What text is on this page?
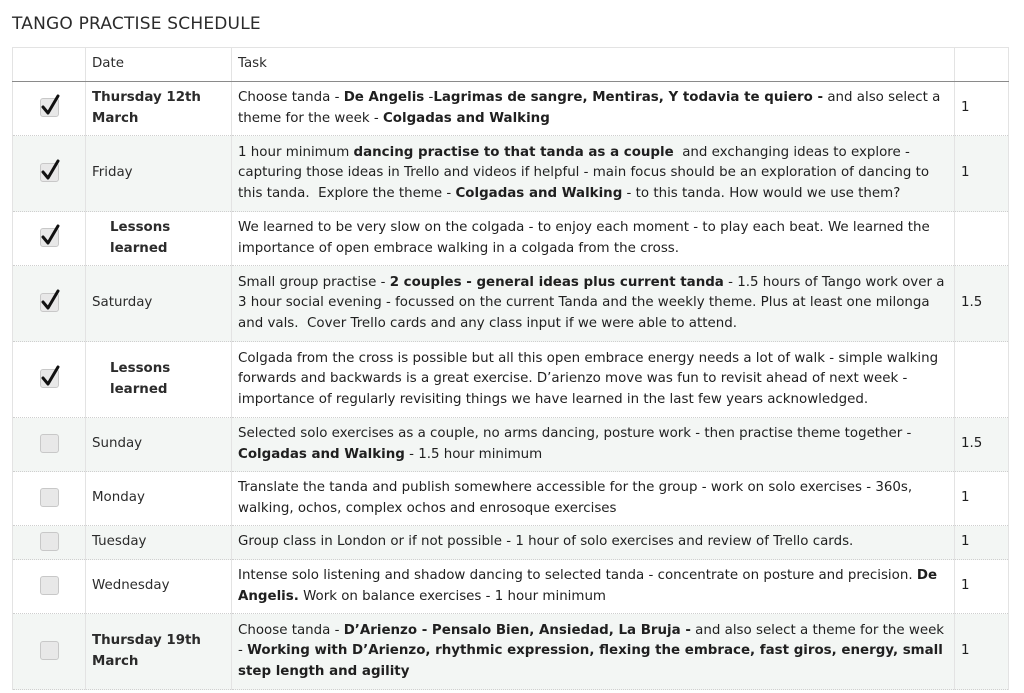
TANGO PRACTISE SCHEDULE
	Date	Task	

	Thursday 12th March	Choose tanda - De Angelis -Lagrimas de sangre, Mentiras, Y todavia te quiero - and also select a theme for the week - Colgadas and Walking	1

	Friday	1 hour minimum dancing practise to that tanda as a couple  and exchanging ideas to explore - capturing those ideas in Trello and videos if helpful - main focus should be an exploration of dancing to this tanda.  Explore the theme - Colgadas and Walking - to this tanda. How would we use them?	1

	Lessons learned	We learned to be very slow on the colgada - to enjoy each moment - to play each beat. We learned the importance of open embrace walking in a colgada from the cross.	

	Saturday	Small group practise - 2 couples - general ideas plus current tanda - 1.5 hours of Tango work over a 3 hour social evening - focussed on the current Tanda and the weekly theme. Plus at least one milonga and vals.  Cover Trello cards and any class input if we were able to attend.	1.5

	Lessons learned	Colgada from the cross is possible but all this open embrace energy needs a lot of walk - simple walking forwards and backwards is a great exercise. D’arienzo move was fun to revisit ahead of next week - importance of regularly revisiting things we have learned in the last few years acknowledged.	
	Sunday	Selected solo exercises as a couple, no arms dancing, posture work - then practise theme together - Colgadas and Walking - 1.5 hour minimum	1.5
	Monday	Translate the tanda and publish somewhere accessible for the group - work on solo exercises - 360s, walking, ochos, complex ochos and enrosoque exercises	1
	Tuesday	Group class in London or if not possible - 1 hour of solo exercises and review of Trello cards.	1
	Wednesday	Intense solo listening and shadow dancing to selected tanda - concentrate on posture and precision. De Angelis. Work on balance exercises - 1 hour minimum	1
	Thursday 19th March	Choose tanda - D’Arienzo - Pensalo Bien, Ansiedad, La Bruja - and also select a theme for the week - Working with D’Arienzo, rhythmic expression, flexing the embrace, fast giros, energy, small step length and agility	1
